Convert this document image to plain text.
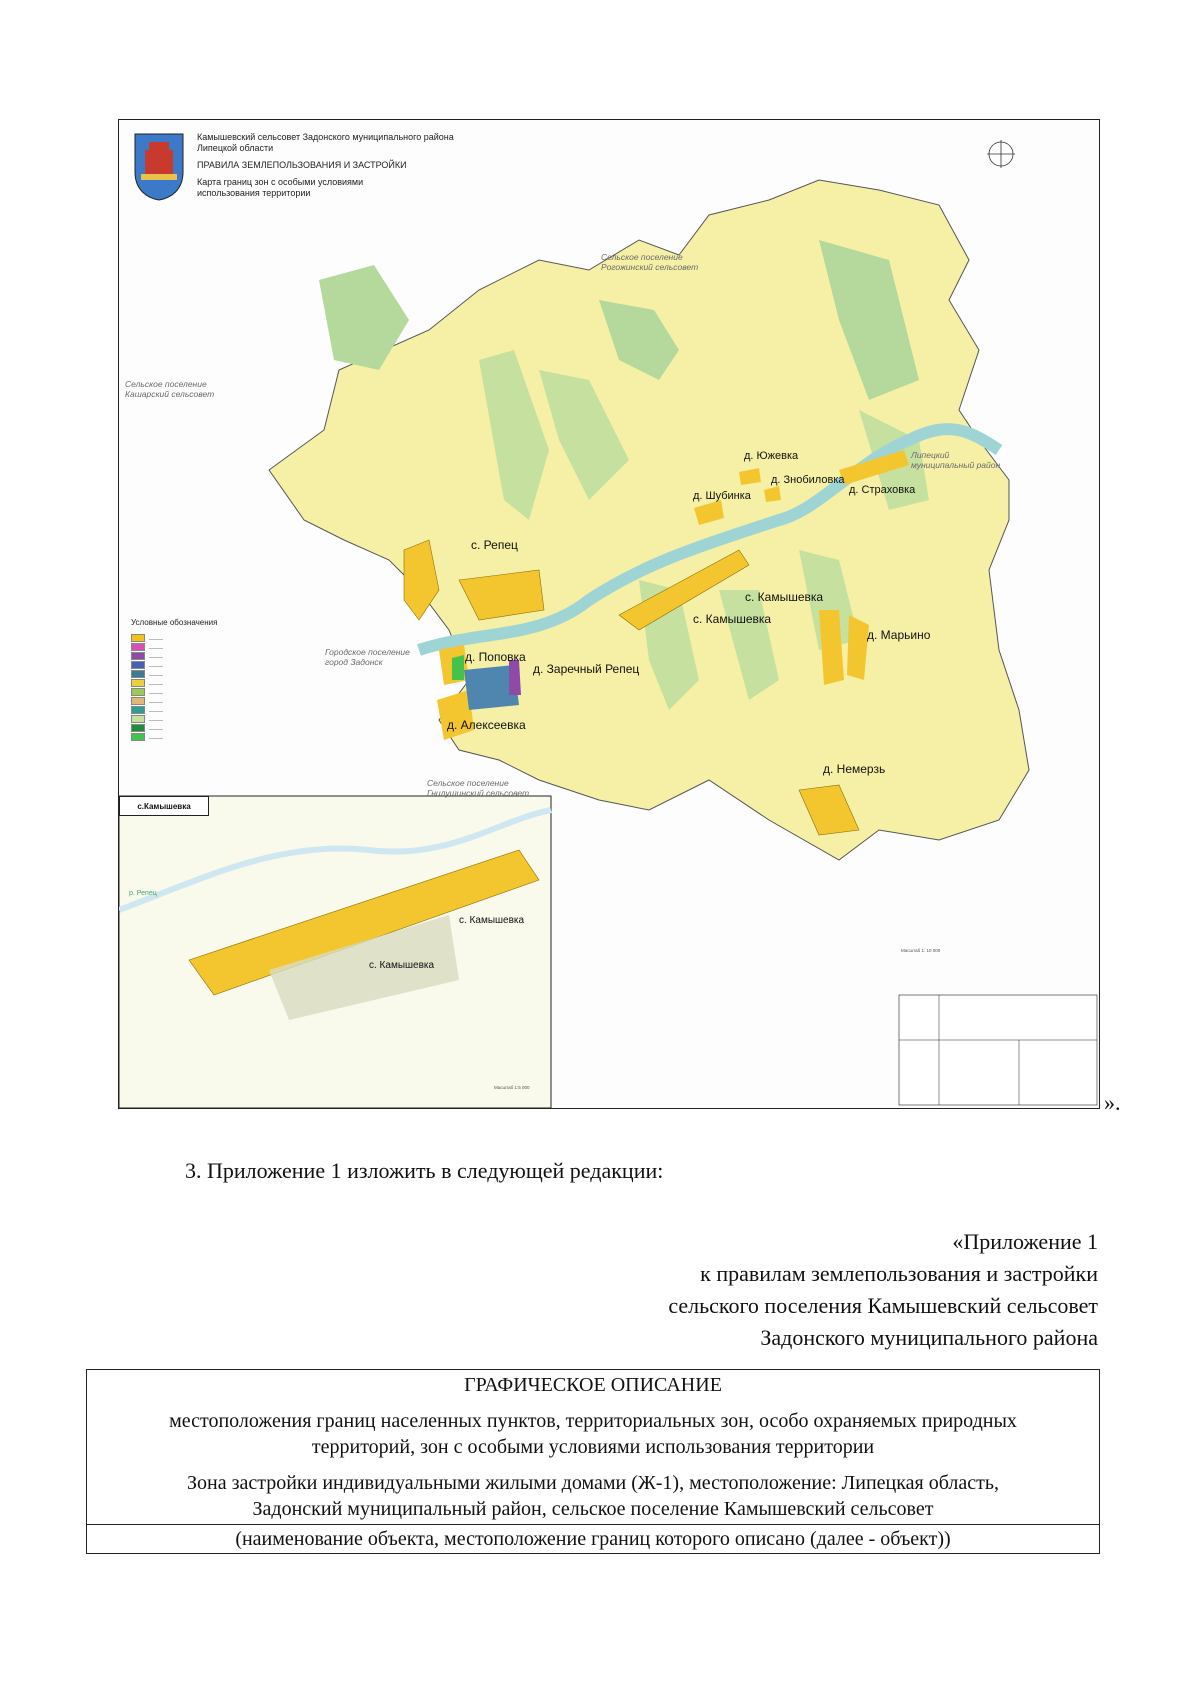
Камышевский сельсовет Задонского муниципального района
Липецкой области
ПРАВИЛА ЗЕМЛЕПОЛЬЗОВАНИЯ И ЗАСТРОЙКИ
Карта границ зон с особыми условиями
использования территории
Сельское поселение
Рогожинский сельсовет
Сельское поселение
Кашарский сельсовет
Липецкий
муниципальный район
Городское поселение
город Задонск
Сельское поселение
Гнилушинский сельсовет
д. Южевка
д. Знобиловка
д. Шубинка	д. Страховка
с. Репец
с. Камышевка
с. Камышевка
д. Марьино
д. Поповка
д. Заречный Репец
д. Алексеевка
д. Немерзь
Условные обозначения
_____
_____
_____
_____
_____
_____
_____
_____
_____
_____
_____
_____
с.Камышевка
с. Камышевка
с. Камышевка
р. Репец
Масштаб 1:5 000
Масштаб 1: 10 000
».
3. Приложение 1 изложить в следующей редакции:
«Приложение 1
к правилам землепользования и застройки
сельского поселения Камышевский сельсовет
Задонского муниципального района
ГРАФИЧЕСКОЕ ОПИСАНИЕ
местоположения границ населенных пунктов, территориальных зон, особо охраняемых природных
территорий, зон с особыми условиями использования территории
Зона застройки индивидуальными жилыми домами (Ж-1), местоположение: Липецкая область,
Задонский муниципальный район, сельское поселение Камышевский сельсовет
(наименование объекта, местоположение границ которого описано (далее - объект))
